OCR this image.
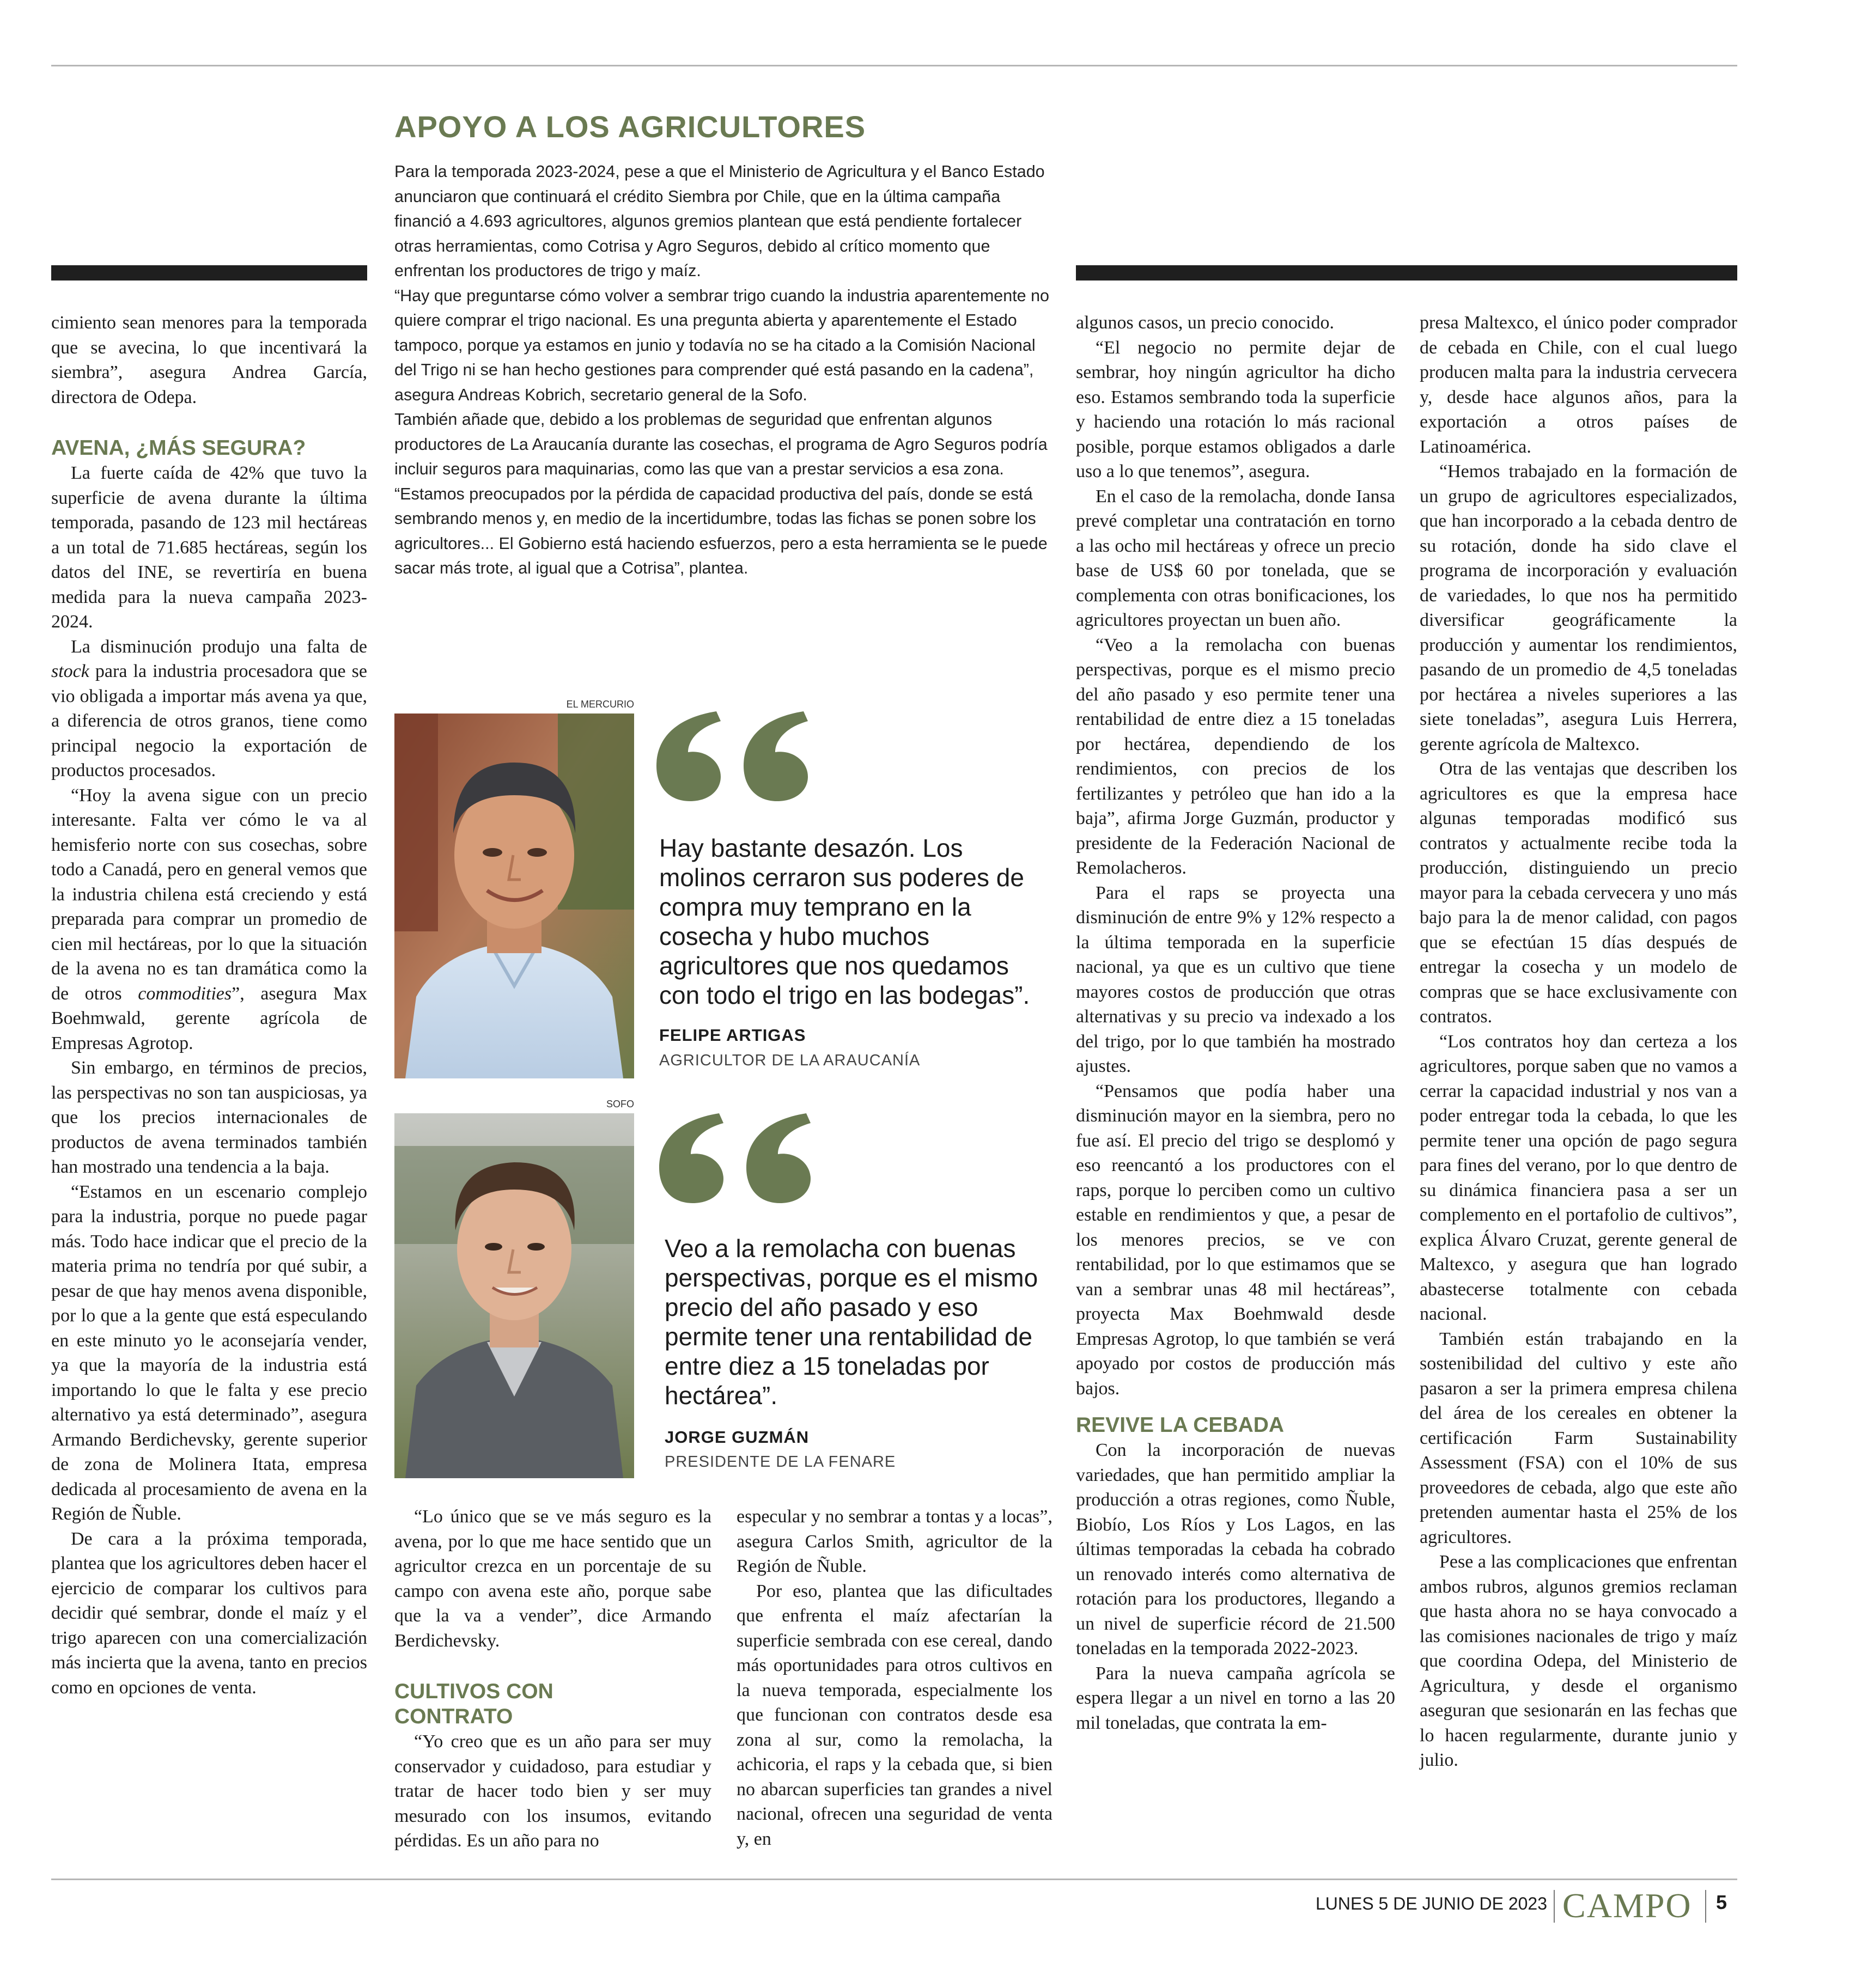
APOYO A LOS AGRICULTORES

Para la temporada 2023-2024, pese a que el Ministerio de Agricultura y el Banco Estado anunciaron que continuará el crédito Siembra por Chile, que en la última campaña financió a 4.693 agricultores, algunos gremios plantean que está pendiente fortalecer otras herramientas, como Cotrisa y Agro Seguros, debido al crítico momento que enfrentan los productores de trigo y maíz.

“Hay que preguntarse cómo volver a sembrar trigo cuando la industria aparentemente no quiere comprar el trigo nacional. Es una pregunta abierta y aparentemente el Estado tampoco, porque ya estamos en junio y todavía no se ha citado a la Comisión Nacional del Trigo ni se han hecho gestiones para comprender qué está pasando en la cadena”, asegura Andreas Kobrich, secretario general de la Sofo.

También añade que, debido a los problemas de seguridad que enfrentan algunos productores de La Araucanía durante las cosechas, el programa de Agro Seguros podría incluir seguros para maquinarias, como las que van a prestar servicios a esa zona.

“Estamos preocupados por la pérdida de capacidad productiva del país, donde se está sembrando menos y, en medio de la incertidumbre, todas las fichas se ponen sobre los agricultores... El Gobierno está haciendo esfuerzos, pero a esta herramienta se le puede sacar más trote, al igual que a Cotrisa”, plantea.

EL MERCURIO
Hay bastante desazón. Los molinos cerraron sus poderes de compra muy temprano en la cosecha y hubo muchos agricultores que nos quedamos con todo el trigo en las bodegas”.
FELIPE ARTIGAS
AGRICULTOR DE LA ARAUCANÍA
SOFO
Veo a la remolacha con buenas perspectivas, porque es el mismo precio del año pasado y eso permite tener una rentabilidad de entre diez a 15 toneladas por hectárea”.
JORGE GUZMÁN
PRESIDENTE DE LA FENARE

cimiento sean menores para la temporada que se avecina, lo que incentivará la siembra”, asegura Andrea García, directora de Odepa.

AVENA, ¿MÁS SEGURA?

La fuerte caída de 42% que tuvo la superficie de avena durante la última temporada, pasando de 123 mil hectáreas a un total de 71.685 hectáreas, según los datos del INE, se revertiría en buena medida para la nueva campaña 2023-2024.

La disminución produjo una falta de stock para la industria procesadora que se vio obligada a importar más avena ya que, a diferencia de otros granos, tiene como principal negocio la exportación de productos procesados.

“Hoy la avena sigue con un precio interesante. Falta ver cómo le va al hemisferio norte con sus cosechas, sobre todo a Canadá, pero en general vemos que la industria chilena está creciendo y está preparada para comprar un promedio de cien mil hectáreas, por lo que la situación de la avena no es tan dramática como la de otros commodities”, asegura Max Boehmwald, gerente agrícola de Empresas Agrotop.

Sin embargo, en términos de precios, las perspectivas no son tan auspiciosas, ya que los precios internacionales de productos de avena terminados también han mostrado una tendencia a la baja.

“Estamos en un escenario complejo para la industria, porque no puede pagar más. Todo hace indicar que el precio de la materia prima no tendría por qué subir, a pesar de que hay menos avena disponible, por lo que a la gente que está especulando en este minuto yo le aconsejaría vender, ya que la mayoría de la industria está importando lo que le falta y ese precio alternativo ya está determinado”, asegura Armando Berdichevsky, gerente superior de zona de Molinera Itata, empresa dedicada al procesamiento de avena en la Región de Ñuble.

De cara a la próxima temporada, plantea que los agricultores deben hacer el ejercicio de comparar los cultivos para decidir qué sembrar, donde el maíz y el trigo aparecen con una comercialización más incierta que la avena, tanto en precios como en opciones de venta.

“Lo único que se ve más seguro es la avena, por lo que me hace sentido que un agricultor crezca en un porcentaje de su campo con avena este año, porque sabe que la va a vender”, dice Armando Berdichevsky.

CULTIVOS CON CONTRATO

“Yo creo que es un año para ser muy conservador y cuidadoso, para estudiar y tratar de hacer todo bien y ser muy mesurado con los insumos, evitando pérdidas. Es un año para no

especular y no sembrar a tontas y a locas”, asegura Carlos Smith, agricultor de la Región de Ñuble.

Por eso, plantea que las dificultades que enfrenta el maíz afectarían la superficie sembrada con ese cereal, dando más oportunidades para otros cultivos en la nueva temporada, especialmente los que funcionan con contratos desde esa zona al sur, como la remolacha, la achicoria, el raps y la cebada que, si bien no abarcan superficies tan grandes a nivel nacional, ofrecen una seguridad de venta y, en

algunos casos, un precio conocido.

“El negocio no permite dejar de sembrar, hoy ningún agricultor ha dicho eso. Estamos sembrando toda la superficie y haciendo una rotación lo más racional posible, porque estamos obligados a darle uso a lo que tenemos”, asegura.

En el caso de la remolacha, donde Iansa prevé completar una contratación en torno a las ocho mil hectáreas y ofrece un precio base de US$ 60 por tonelada, que se complementa con otras bonificaciones, los agricultores proyectan un buen año.

“Veo a la remolacha con buenas perspectivas, porque es el mismo precio del año pasado y eso permite tener una rentabilidad de entre diez a 15 toneladas por hectárea, dependiendo de los rendimientos, con precios de los fertilizantes y petróleo que han ido a la baja”, afirma Jorge Guzmán, productor y presidente de la Federación Nacional de Remolacheros.

Para el raps se proyecta una disminución de entre 9% y 12% respecto a la última temporada en la superficie nacional, ya que es un cultivo que tiene mayores costos de producción que otras alternativas y su precio va indexado a los del trigo, por lo que también ha mostrado ajustes.

“Pensamos que podía haber una disminución mayor en la siembra, pero no fue así. El precio del trigo se desplomó y eso reencantó a los productores con el raps, porque lo perciben como un cultivo estable en rendimientos y que, a pesar de los menores precios, se ve con rentabilidad, por lo que estimamos que se van a sembrar unas 48 mil hectáreas”, proyecta Max Boehmwald desde Empresas Agrotop, lo que también se verá apoyado por costos de producción más bajos.

REVIVE LA CEBADA

Con la incorporación de nuevas variedades, que han permitido ampliar la producción a otras regiones, como Ñuble, Biobío, Los Ríos y Los Lagos, en las últimas temporadas la cebada ha cobrado un renovado interés como alternativa de rotación para los productores, llegando a un nivel de superficie récord de 21.500 toneladas en la temporada 2022-2023.

Para la nueva campaña agrícola se espera llegar a un nivel en torno a las 20 mil toneladas, que contrata la em-

presa Maltexco, el único poder comprador de cebada en Chile, con el cual luego producen malta para la industria cervecera y, desde hace algunos años, para la exportación a otros países de Latinoamérica.

“Hemos trabajado en la formación de un grupo de agricultores especializados, que han incorporado a la cebada dentro de su rotación, donde ha sido clave el programa de incorporación y evaluación de variedades, lo que nos ha permitido diversificar geográficamente la producción y aumentar los rendimientos, pasando de un promedio de 4,5 toneladas por hectárea a niveles superiores a las siete toneladas”, asegura Luis Herrera, gerente agrícola de Maltexco.

Otra de las ventajas que describen los agricultores es que la empresa hace algunas temporadas modificó sus contratos y actualmente recibe toda la producción, distinguiendo un precio mayor para la cebada cervecera y uno más bajo para la de menor calidad, con pagos que se efectúan 15 días después de entregar la cosecha y un modelo de compras que se hace exclusivamente con contratos.

“Los contratos hoy dan certeza a los agricultores, porque saben que no vamos a cerrar la capacidad industrial y nos van a poder entregar toda la cebada, lo que les permite tener una opción de pago segura para fines del verano, por lo que dentro de su dinámica financiera pasa a ser un complemento en el portafolio de cultivos”, explica Álvaro Cruzat, gerente general de Maltexco, y asegura que han logrado abastecerse totalmente con cebada nacional.

También están trabajando en la sostenibilidad del cultivo y este año pasaron a ser la primera empresa chilena del área de los cereales en obtener la certificación Farm Sustainability Assessment (FSA) con el 10% de sus proveedores de cebada, algo que este año pretenden aumentar hasta el 25% de los agricultores.

Pese a las complicaciones que enfrentan ambos rubros, algunos gremios reclaman que hasta ahora no se haya convocado a las comisiones nacionales de trigo y maíz que coordina Odepa, del Ministerio de Agricultura, y desde el organismo aseguran que sesionarán en las fechas que lo hacen regularmente, durante junio y julio.

LUNES 5 DE JUNIO DE 2023 CAMPO	5
